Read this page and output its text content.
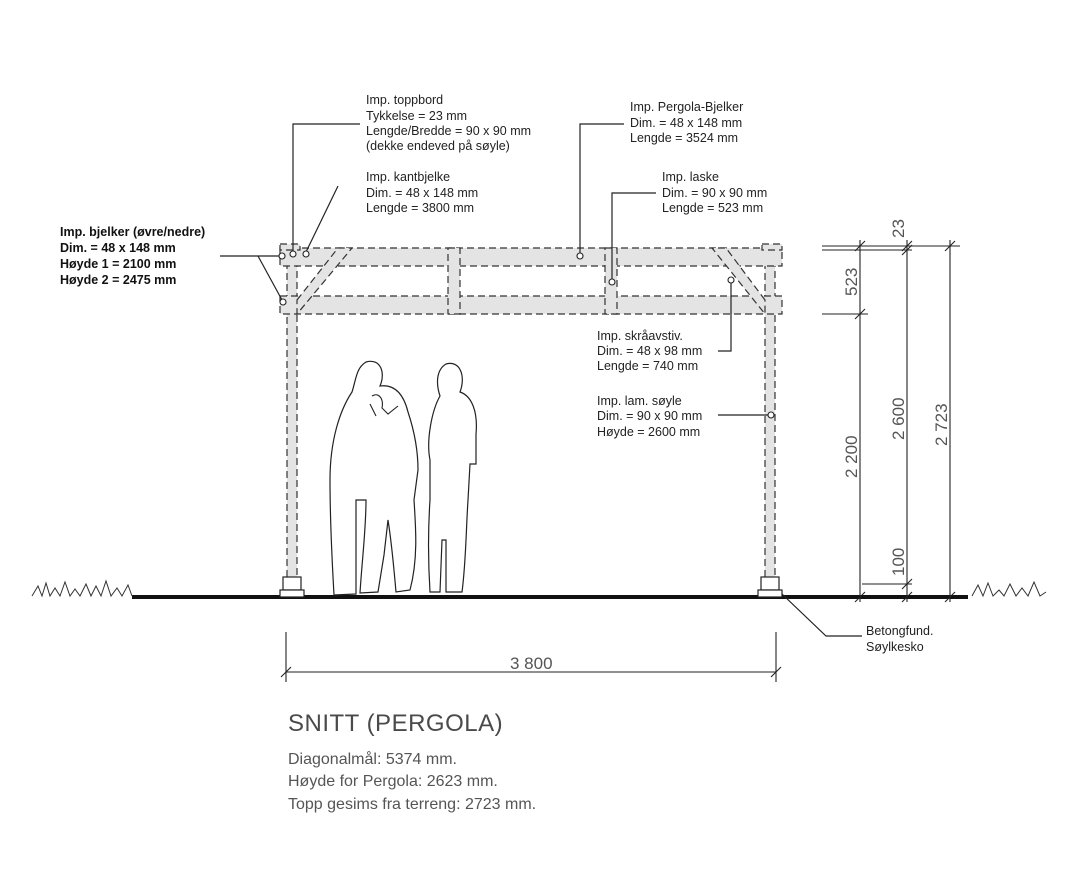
23
523
2 200
2 600 2 723
100
3 800
Imp. toppbord
Tykkelse = 23 mm
Lengde/Bredde = 90 x 90 mm
(dekke endeved på søyle)
Imp. Pergola-Bjelker
Dim. = 48 x 148 mm
Lengde = 3524 mm
Imp. kantbjelke
Dim. = 48 x 148 mm
Lengde = 3800 mm
Imp. laske
Dim. = 90 x 90 mm
Lengde = 523 mm
Imp. bjelker (øvre/nedre)
Dim. = 48 x 148 mm
Høyde 1 = 2100 mm
Høyde 2 = 2475 mm
Imp. skråavstiv.
Dim. = 48 x 98 mm
Lengde = 740 mm
Imp. lam. søyle
Dim. = 90 x 90 mm
Høyde = 2600 mm
Betongfund.
Søylkesko
SNITT (PERGOLA)
Diagonalmål: 5374 mm.
Høyde for Pergola: 2623 mm.
Topp gesims fra terreng: 2723 mm.
